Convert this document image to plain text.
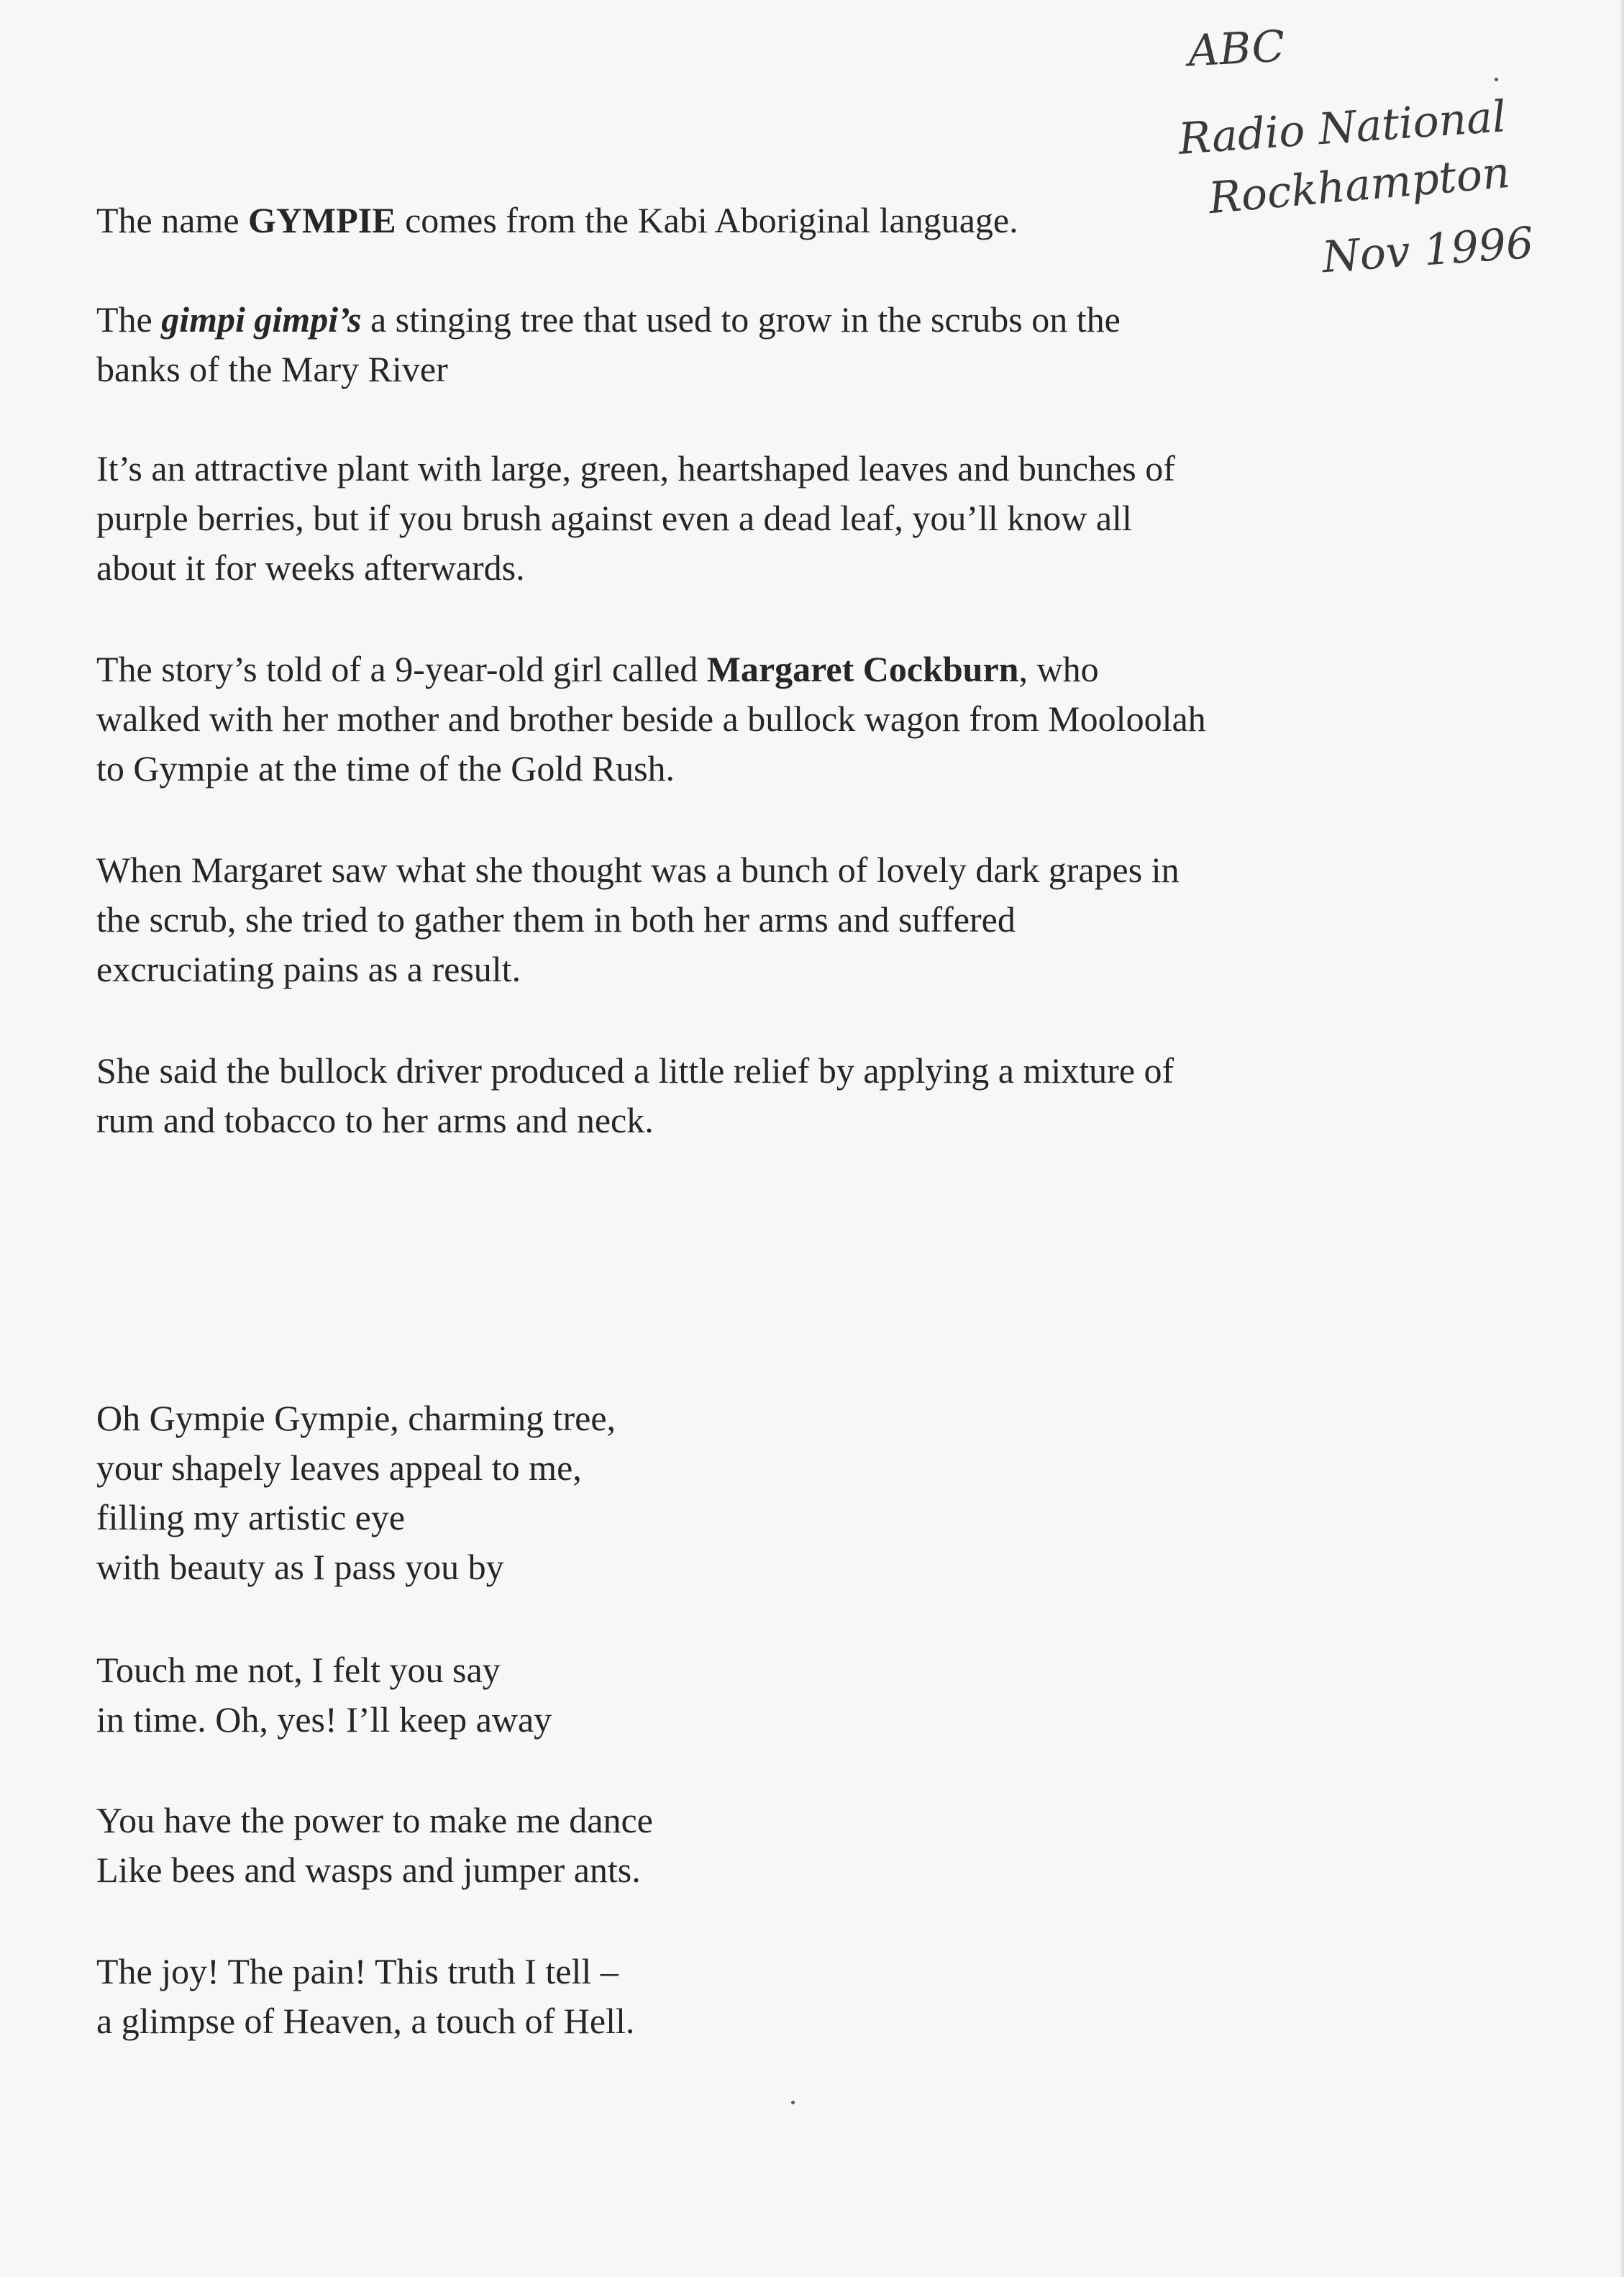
ABC
Radio National
Rockhampton
Nov 1996
The name GYMPIE comes from the Kabi Aboriginal language.
The gimpi gimpi’s a stinging tree that used to grow in the scrubs on the
banks of the Mary River
It’s an attractive plant with large, green, heartshaped leaves and bunches of
purple berries, but if you brush against even a dead leaf, you’ll know all
about it for weeks afterwards.
The story’s told of a 9-year-old girl called Margaret Cockburn, who
walked with her mother and brother beside a bullock wagon from Mooloolah
to Gympie at the time of the Gold Rush.
When Margaret saw what she thought was a bunch of lovely dark grapes in
the scrub, she tried to gather them in both her arms and suffered
excruciating pains as a result.
She said the bullock driver produced a little relief by applying a mixture of
rum and tobacco to her arms and neck.
Oh Gympie Gympie, charming tree,
your shapely leaves appeal to me,
filling my artistic eye
with beauty as I pass you by
Touch me not, I felt you say
in time. Oh, yes! I’ll keep away
You have the power to make me dance
Like bees and wasps and jumper ants.
The joy! The pain! This truth I tell –
a glimpse of Heaven, a touch of Hell.
